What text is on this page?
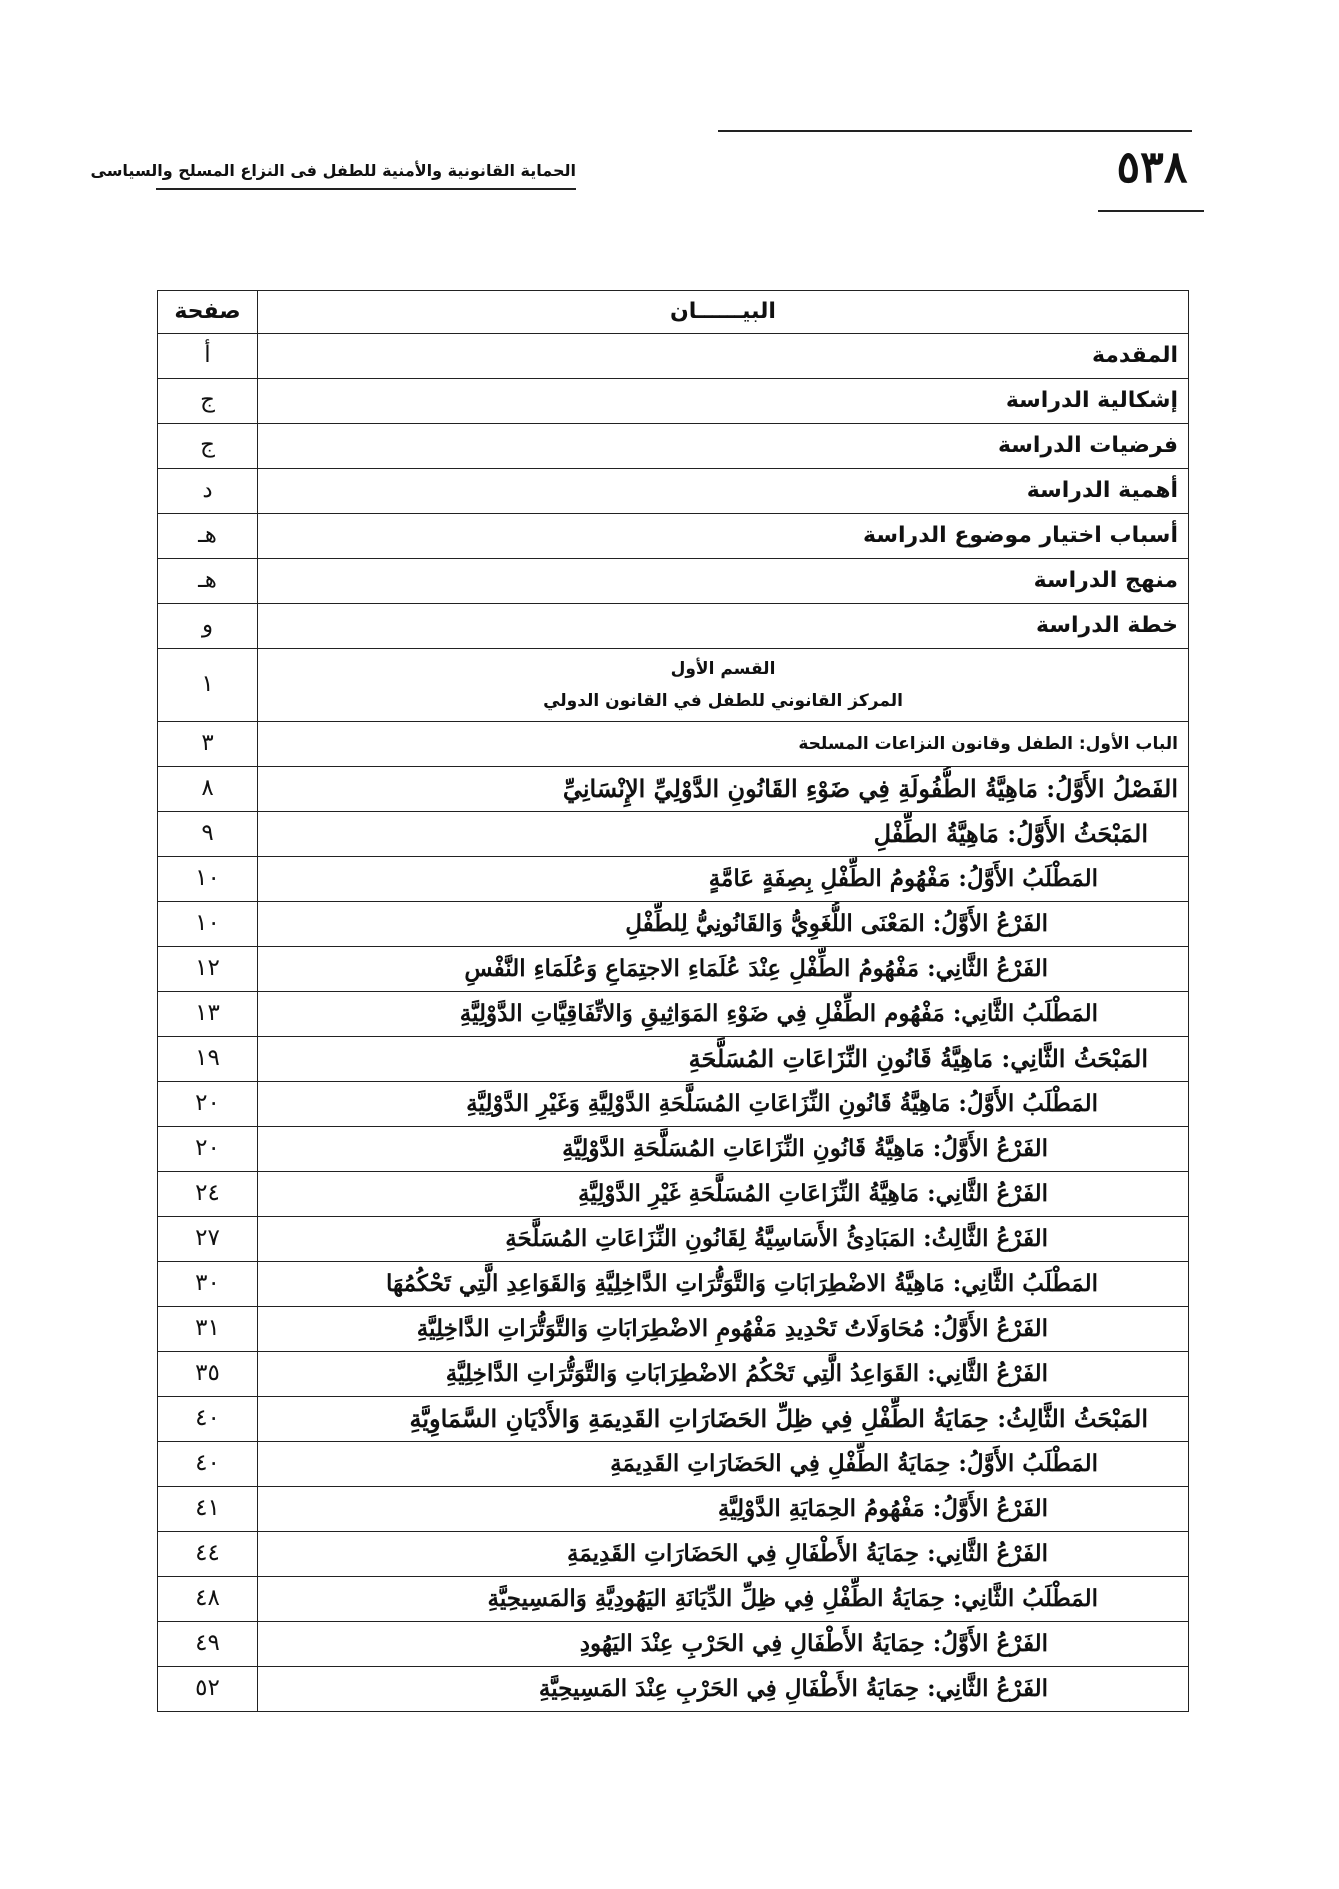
٥٣٨
الحماية القانونية والأمنية للطفل فى النزاع المسلح والسياسى
البيــــــان	صفحة
المقدمة	أ
إشكالية الدراسة	ج
فرضيات الدراسة	ج
أهمية الدراسة	د
أسباب اختيار موضوع الدراسة	هـ
منهج الدراسة	هـ
خطة الدراسة	و

القسم الأول
المركز القانوني للطفل في القانون الدولي	١
الباب الأول: الطفل وقانون النزاعات المسلحة	٣
الفَصْلُ الأَوَّلُ: مَاهِيَّةُ الطُّفُولَةِ فِي ضَوْءِ القَانُونِ الدَّوْلِيِّ الإِنْسَانِيِّ	٨
المَبْحَثُ الأَوَّلُ: مَاهِيَّةُ الطِّفْلِ	٩
المَطْلَبُ الأَوَّلُ: مَفْهُومُ الطِّفْلِ بِصِفَةٍ عَامَّةٍ	١٠
الفَرْعُ الأَوَّلُ: المَعْنَى اللُّغَوِيُّ وَالقَانُونِيُّ لِلطِّفْلِ	١٠
الفَرْعُ الثَّانِي: مَفْهُومُ الطِّفْلِ عِنْدَ عُلَمَاءِ الاجتِمَاعِ وَعُلَمَاءِ النَّفْسِ	١٢
المَطْلَبُ الثَّانِي: مَفْهُوم الطِّفْلِ فِي ضَوْءِ المَوَاثِيقِ وَالاتِّفَاقِيَّاتِ الدَّوْلِيَّةِ	١٣
المَبْحَثُ الثَّانِي: مَاهِيَّةُ قَانُونِ النِّزَاعَاتِ المُسَلَّحَةِ	١٩
المَطْلَبُ الأَوَّلُ: مَاهِيَّةُ قَانُونِ النِّزَاعَاتِ المُسَلَّحَةِ الدَّوْلِيَّةِ وَغَيْرِ الدَّوْلِيَّةِ	٢٠
الفَرْعُ الأَوَّلُ: مَاهِيَّةُ قَانُونِ النِّزَاعَاتِ المُسَلَّحَةِ الدَّوْلِيَّةِ	٢٠
الفَرْعُ الثَّانِي: مَاهِيَّةُ النِّزَاعَاتِ المُسَلَّحَةِ غَيْرِ الدَّوْلِيَّةِ	٢٤
الفَرْعُ الثَّالِثُ: المَبَادِئُ الأَسَاسِيَّةُ لِقَانُونِ النِّزَاعَاتِ المُسَلَّحَةِ	٢٧
المَطْلَبُ الثَّانِي: مَاهِيَّةُ الاضْطِرَابَاتِ وَالتَّوَتُّرَاتِ الدَّاخِلِيَّةِ وَالقَوَاعِدِ الَّتِي تَحْكُمُهَا	٣٠
الفَرْعُ الأَوَّلُ: مُحَاوَلَاتُ تَحْدِيدِ مَفْهُومِ الاضْطِرَابَاتِ وَالتَّوَتُّرَاتِ الدَّاخِلِيَّةِ	٣١
الفَرْعُ الثَّانِي: القَوَاعِدُ الَّتِي تَحْكُمُ الاضْطِرَابَاتِ وَالتَّوَتُّرَاتِ الدَّاخِلِيَّةِ	٣٥
المَبْحَثُ الثَّالِثُ: حِمَايَةُ الطِّفْلِ فِي ظِلِّ الحَضَارَاتِ القَدِيمَةِ وَالأَدْيَانِ السَّمَاوِيَّةِ	٤٠
المَطْلَبُ الأَوَّلُ: حِمَايَةُ الطِّفْلِ فِي الحَضَارَاتِ القَدِيمَةِ	٤٠
الفَرْعُ الأَوَّلُ: مَفْهُومُ الحِمَايَةِ الدَّوْلِيَّةِ	٤١
الفَرْعُ الثَّانِي: حِمَايَةُ الأَطْفَالِ فِي الحَضَارَاتِ القَدِيمَةِ	٤٤
المَطْلَبُ الثَّانِي: حِمَايَةُ الطِّفْلِ فِي ظِلِّ الدِّيَانَةِ اليَهُودِيَّةِ وَالمَسِيحِيَّةِ	٤٨
الفَرْعُ الأَوَّلُ: حِمَايَةُ الأَطْفَالِ فِي الحَرْبِ عِنْدَ اليَهُودِ	٤٩
الفَرْعُ الثَّانِي: حِمَايَةُ الأَطْفَالِ فِي الحَرْبِ عِنْدَ المَسِيحِيَّةِ	٥٢
